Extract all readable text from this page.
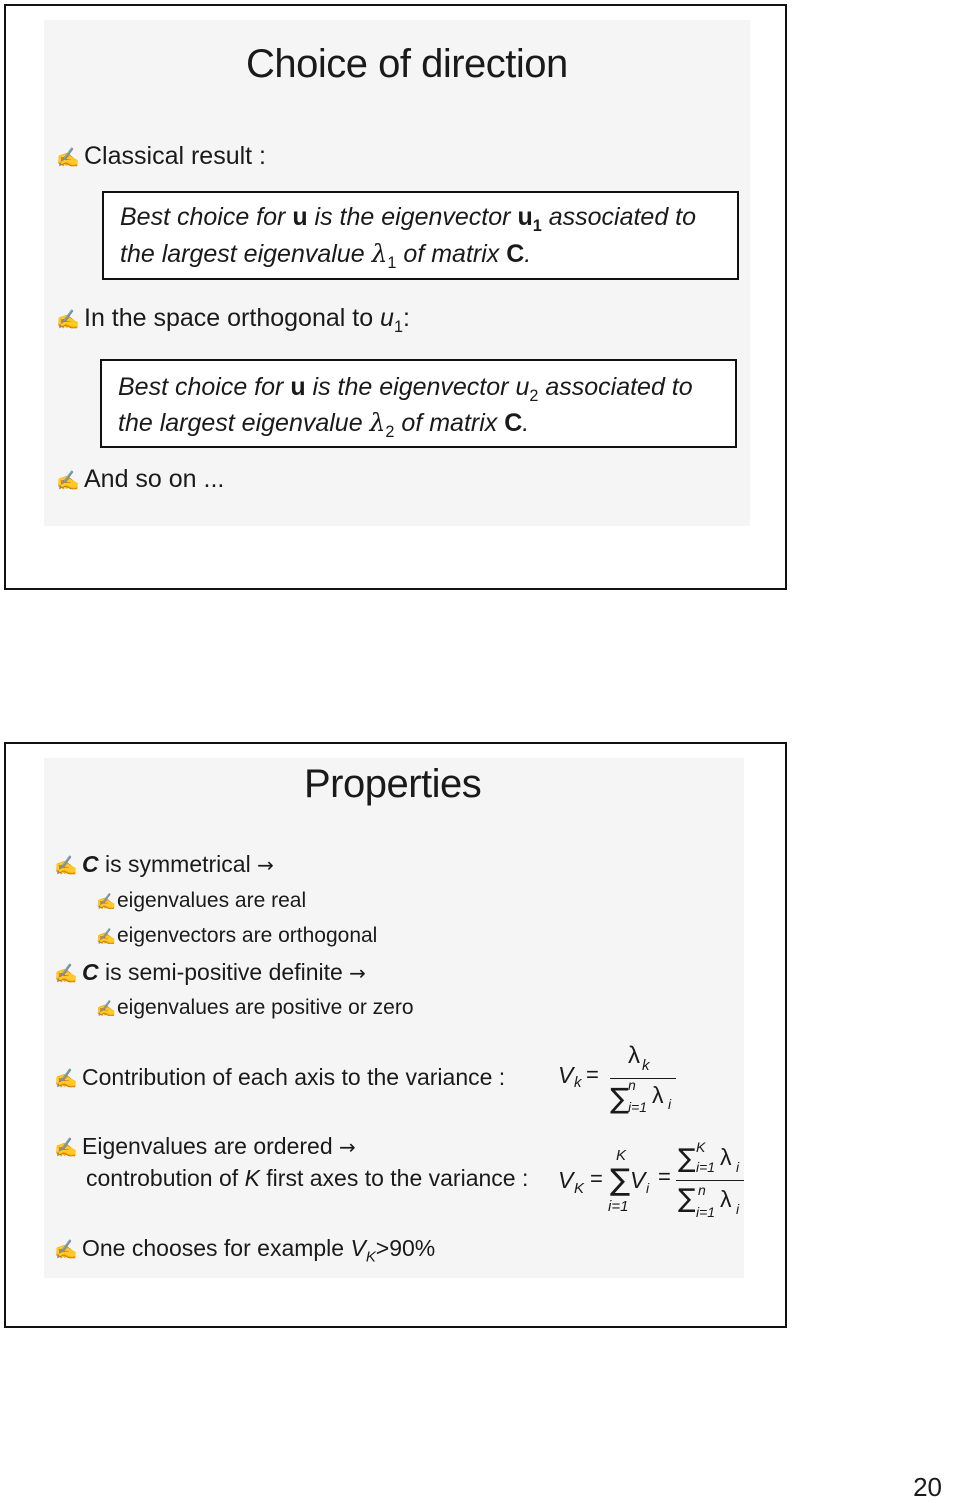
Choice of direction
✍ Classical result :
Best choice for u is the eigenvector $u_1$ associated to
the largest eigenvalue $\lambda_1$ of matrix C.
✍ In the space orthogonal to $u_1$:
Best choice for u is the eigenvector $u_2$ associated to
the largest eigenvalue $\lambda_2$ of matrix C.
✍ And so on ...
Properties
✍ C is symmetrical →
✍eigenvalues are real
✍eigenvectors are orthogonal
✍ C is semi-positive definite →
✍eigenvalues are positive or zero
✍ Contribution of each axis to the variance : V k =
λ k
∑ n
i=1 λ i
✍ Eigenvalues are ordered →
controbution of K first axes to the variance : V K =
K
∑
i=1
V i =
∑ K
i=1 λ i
∑ n
i=1 λ i
✍ One chooses for example $V_K>90\%$
20
